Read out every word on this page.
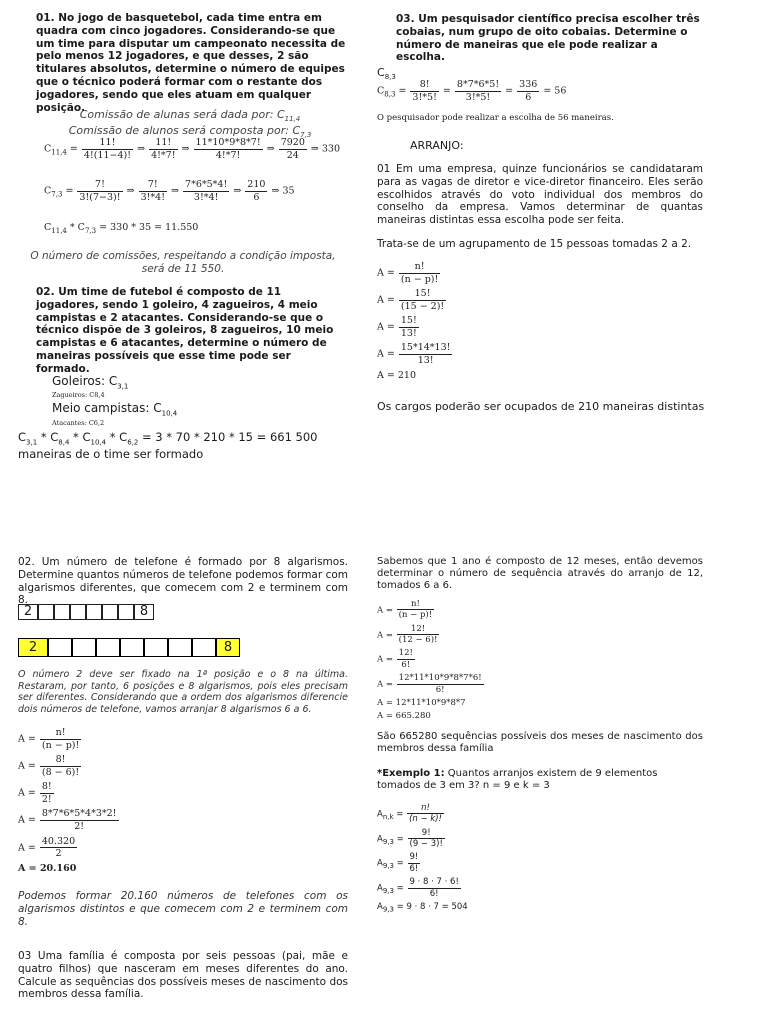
01. No jogo de basquetebol, cada time entra em quadra com cinco jogadores. Considerando-se que um time para disputar um campeonato necessita de pelo menos 12 jogadores, e que desses, 2 são titulares absolutos, determine o número de equipes que o técnico poderá formar com o restante dos jogadores, sendo que eles atuam em qualquer posição.
Comissão de alunas será dada por: $C_{11,4}$
Comissão de alunos será composta por: $C_{7,3}$
$C_{11,4} = \frac{11!}{4!(11-4)!}$ ⇒ $\frac{11!}{4!*7!}$ ⇒ $\frac{11*10*9*8*7!}{4!*7!}$ ⇒ $\frac{7920}{24}$ ⇒ 330
$C_{7,3} = \frac{7!}{3!(7-3)!}$ ⇒ $\frac{7!}{3!*4!}$ ⇒ $\frac{7*6*5*4!}{3!*4!}$ ⇒ $\frac{210}{6}$ ⇒ 35
$C_{11,4} * C_{7,3} = 330 * 35 = 11.550$
O número de comissões, respeitando a condição imposta, será de 11 550.
02. Um time de futebol é composto de 11 jogadores, sendo 1 goleiro, 4 zagueiros, 4 meio campistas e 2 atacantes. Considerando-se que o técnico dispõe de 3 goleiros, 8 zagueiros, 10 meio campistas e 6 atacantes, determine o número de maneiras possíveis que esse time pode ser formado.
Goleiros: $C_{3,1}$
Zagueiros: C8,4
Meio campistas: $C_{10,4}$
Atacantes: C6,2
$C_{3,1} * C_{8,4} * C_{10,4} * C_{6,2} = 3 * 70 * 210 * 15 = 661$ 500 maneiras de o time ser formado
03. Um pesquisador científico precisa escolher três cobaias, num grupo de oito cobaias. Determine o número de maneiras que ele pode realizar a escolha.
$C_{8,3}$
$C_{8,3} = \frac{8!}{3!*5!} = \frac{8*7*6*5!}{3!*5!} = \frac{336}{6} = 56$
O pesquisador pode realizar a escolha de 56 maneiras.
ARRANJO:
01 Em uma empresa, quinze funcionários se candidataram para as vagas de diretor e vice-diretor financeiro. Eles serão escolhidos através do voto individual dos membros do conselho da empresa. Vamos determinar de quantas maneiras distintas essa escolha pode ser feita.
Trata-se de um agrupamento de 15 pessoas tomadas 2 a 2.
$A = \frac{n!}{(n - p)!}$
$A = \frac{15!}{(15 - 2)!}$
$A = \frac{15!}{13!}$
$A = \frac{15*14*13!}{13!}$
A = 210
Os cargos poderão ser ocupados de 210 maneiras distintas
02. Um número de telefone é formado por 8 algarismos. Determine quantos números de telefone podemos formar com algarismos diferentes, que comecem com 2 e terminem com 8.
2	8
2	8
O número 2 deve ser fixado na 1ª posição e o 8 na última. Restaram, por tanto, 6 posições e 8 algarismos, pois eles precisam ser diferentes. Considerando que a ordem dos algarismos diferencie dois números de telefone, vamos arranjar 8 algarismos 6 a 6.
$A = \frac{n!}{(n - p)!}$
$A = \frac{8!}{(8 - 6)!}$
$A = \frac{8!}{2!}$
$A = \frac{8*7*6*5*4*3*2!}{2!}$
$A = \frac{40.320}{2}$
A = 20.160
Podemos formar 20.160 números de telefones com os algarismos distintos e que comecem com 2 e terminem com 8.
03 Uma família é composta por seis pessoas (pai, mãe e quatro filhos) que nasceram em meses diferentes do ano. Calcule as sequências dos possíveis meses de nascimento dos membros dessa família.
Sabemos que 1 ano é composto de 12 meses, então devemos determinar o número de sequência através do arranjo de 12, tomados 6 a 6.
$A = \frac{n!}{(n - p)!}$
$A = \frac{12!}{(12 - 6)!}$
$A = \frac{12!}{6!}$
$A = \frac{12*11*10*9*8*7*6!}{6!}$
A = 12*11*10*9*8*7
A = 665.280
São 665280 sequências possíveis dos meses de nascimento dos membros dessa família
*Exemplo 1: Quantos arranjos existem de 9 elementos tomados de 3 em 3? n = 9 e k = 3
$A_{n,k} = \frac{n!}{(n - k)!}$
$A_{9,3} = \frac{9!}{(9 - 3)!}$
$A_{9,3} = \frac{9!}{6!}$
$A_{9,3} = \frac{9 \cdot 8 \cdot 7 \cdot 6!}{6!}$
$A_{9,3} = 9 \cdot 8 \cdot 7 = 504$
